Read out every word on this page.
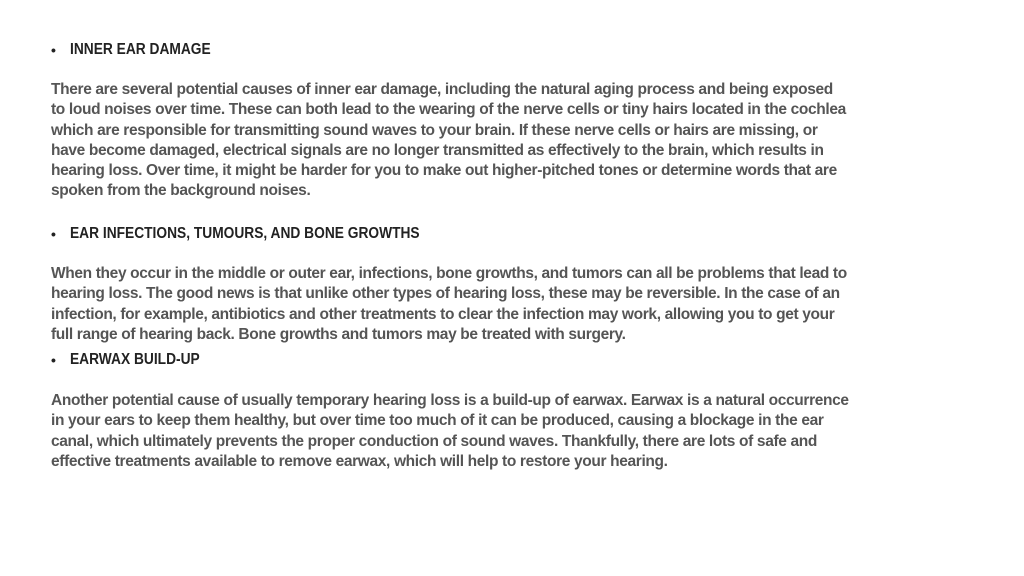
• INNER EAR DAMAGE
There are several potential causes of inner ear damage, including the natural aging process and being exposed
to loud noises over time. These can both lead to the wearing of the nerve cells or tiny hairs located in the cochlea
which are responsible for transmitting sound waves to your brain. If these nerve cells or hairs are missing, or
have become damaged, electrical signals are no longer transmitted as effectively to the brain, which results in
hearing loss. Over time, it might be harder for you to make out higher-pitched tones or determine words that are
spoken from the background noises.
• EAR INFECTIONS, TUMOURS, AND BONE GROWTHS
When they occur in the middle or outer ear, infections, bone growths, and tumors can all be problems that lead to
hearing loss. The good news is that unlike other types of hearing loss, these may be reversible. In the case of an
infection, for example, antibiotics and other treatments to clear the infection may work, allowing you to get your
full range of hearing back. Bone growths and tumors may be treated with surgery.
• EARWAX BUILD-UP
Another potential cause of usually temporary hearing loss is a build-up of earwax. Earwax is a natural occurrence
in your ears to keep them healthy, but over time too much of it can be produced, causing a blockage in the ear
canal, which ultimately prevents the proper conduction of sound waves. Thankfully, there are lots of safe and
effective treatments available to remove earwax, which will help to restore your hearing.
